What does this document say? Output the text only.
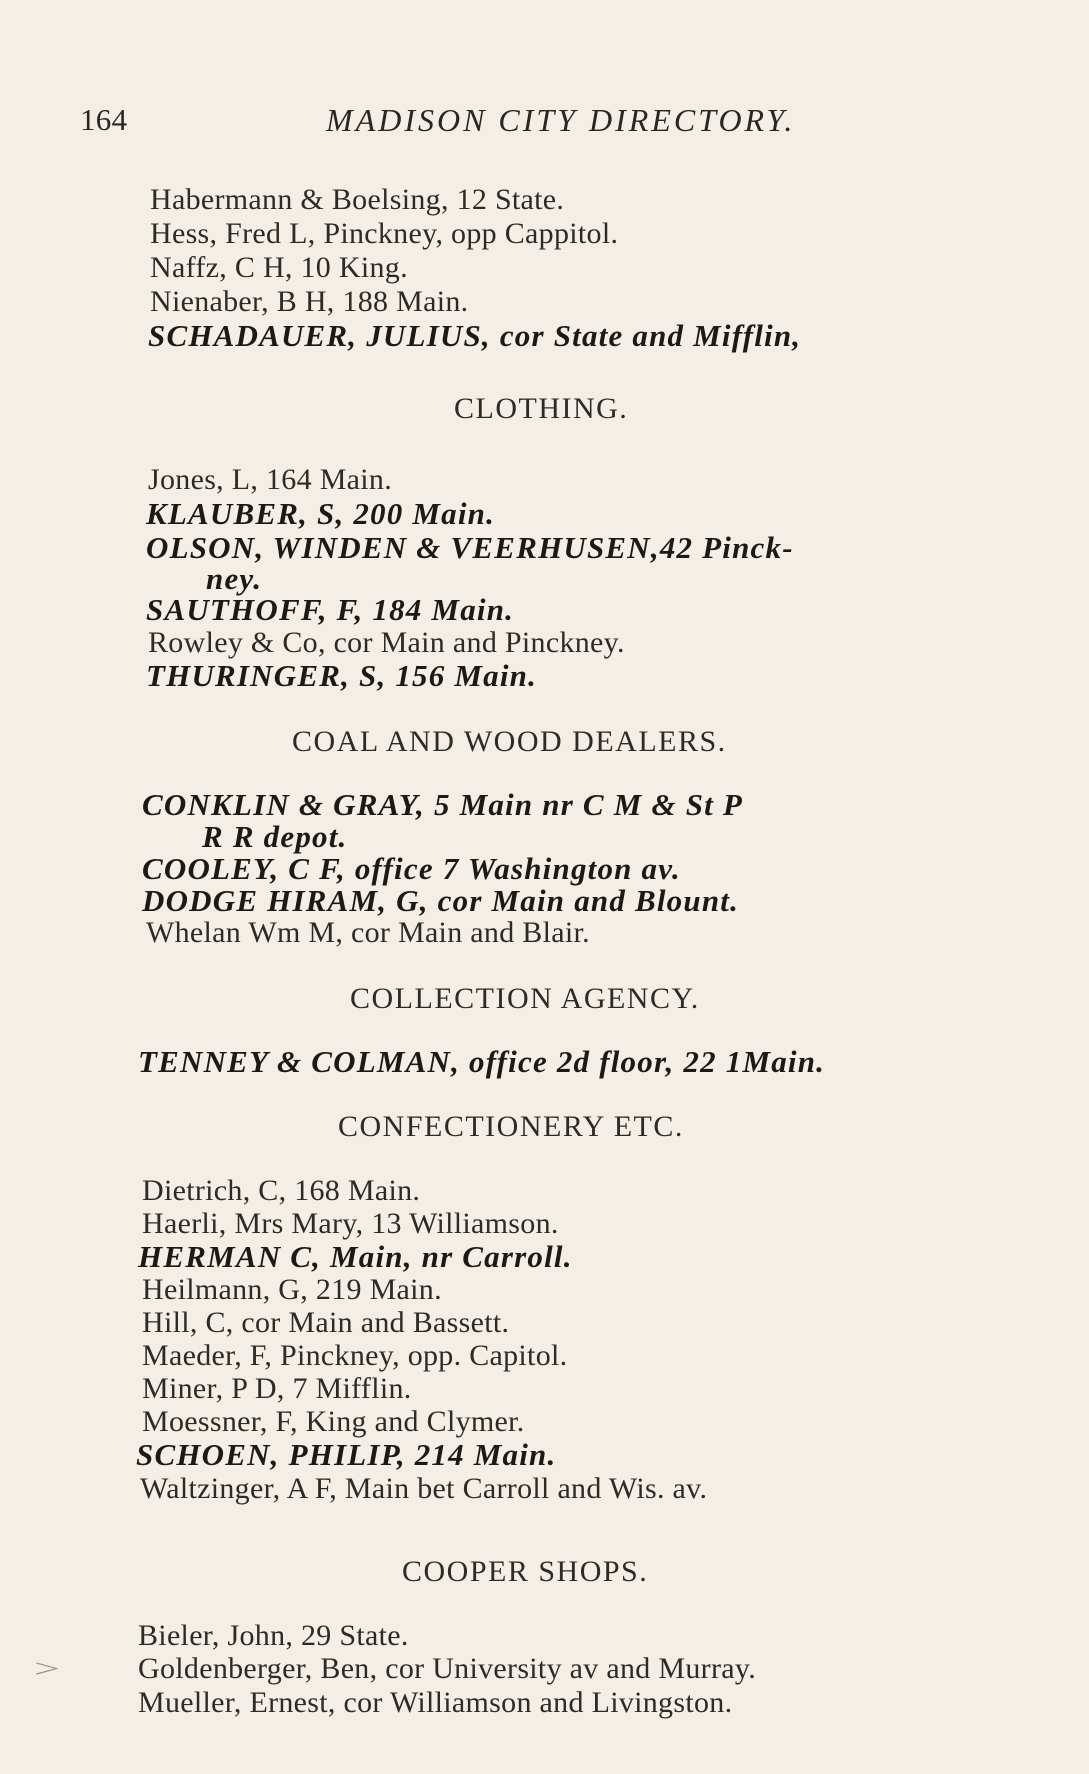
164	MADISON CITY DIRECTORY.
Habermann & Boelsing, 12 State.
Hess, Fred L, Pinckney, opp Cappitol.
Naffz, C H, 10 King.
Nienaber, B H, 188 Main.
SCHADAUER, JULIUS, cor State and Mifflin,
CLOTHING.
Jones, L, 164 Main.
KLAUBER, S, 200 Main.
OLSON, WINDEN & VEERHUSEN,42 Pinck-
ney.
SAUTHOFF, F, 184 Main.
Rowley & Co, cor Main and Pinckney.
THURINGER, S, 156 Main.
COAL AND WOOD DEALERS.
CONKLIN & GRAY, 5 Main nr C M & St P
R R depot.
COOLEY, C F, office 7 Washington av.
DODGE HIRAM, G, cor Main and Blount.
Whelan Wm M, cor Main and Blair.
COLLECTION AGENCY.
TENNEY & COLMAN, office 2d floor, 22 1Main.
CONFECTIONERY ETC.
Dietrich, C, 168 Main.
Haerli, Mrs Mary, 13 Williamson.
HERMAN C, Main, nr Carroll.
Heilmann, G, 219 Main.
Hill, C, cor Main and Bassett.
Maeder, F, Pinckney, opp. Capitol.
Miner, P D, 7 Mifflin.
Moessner, F, King and Clymer.
SCHOEN, PHILIP, 214 Main.
Waltzinger, A F, Main bet Carroll and Wis. av.
COOPER SHOPS.
Bieler, John, 29 State.
Goldenberger, Ben, cor University av and Murray.
Mueller, Ernest, cor Williamson and Livingston.
>
